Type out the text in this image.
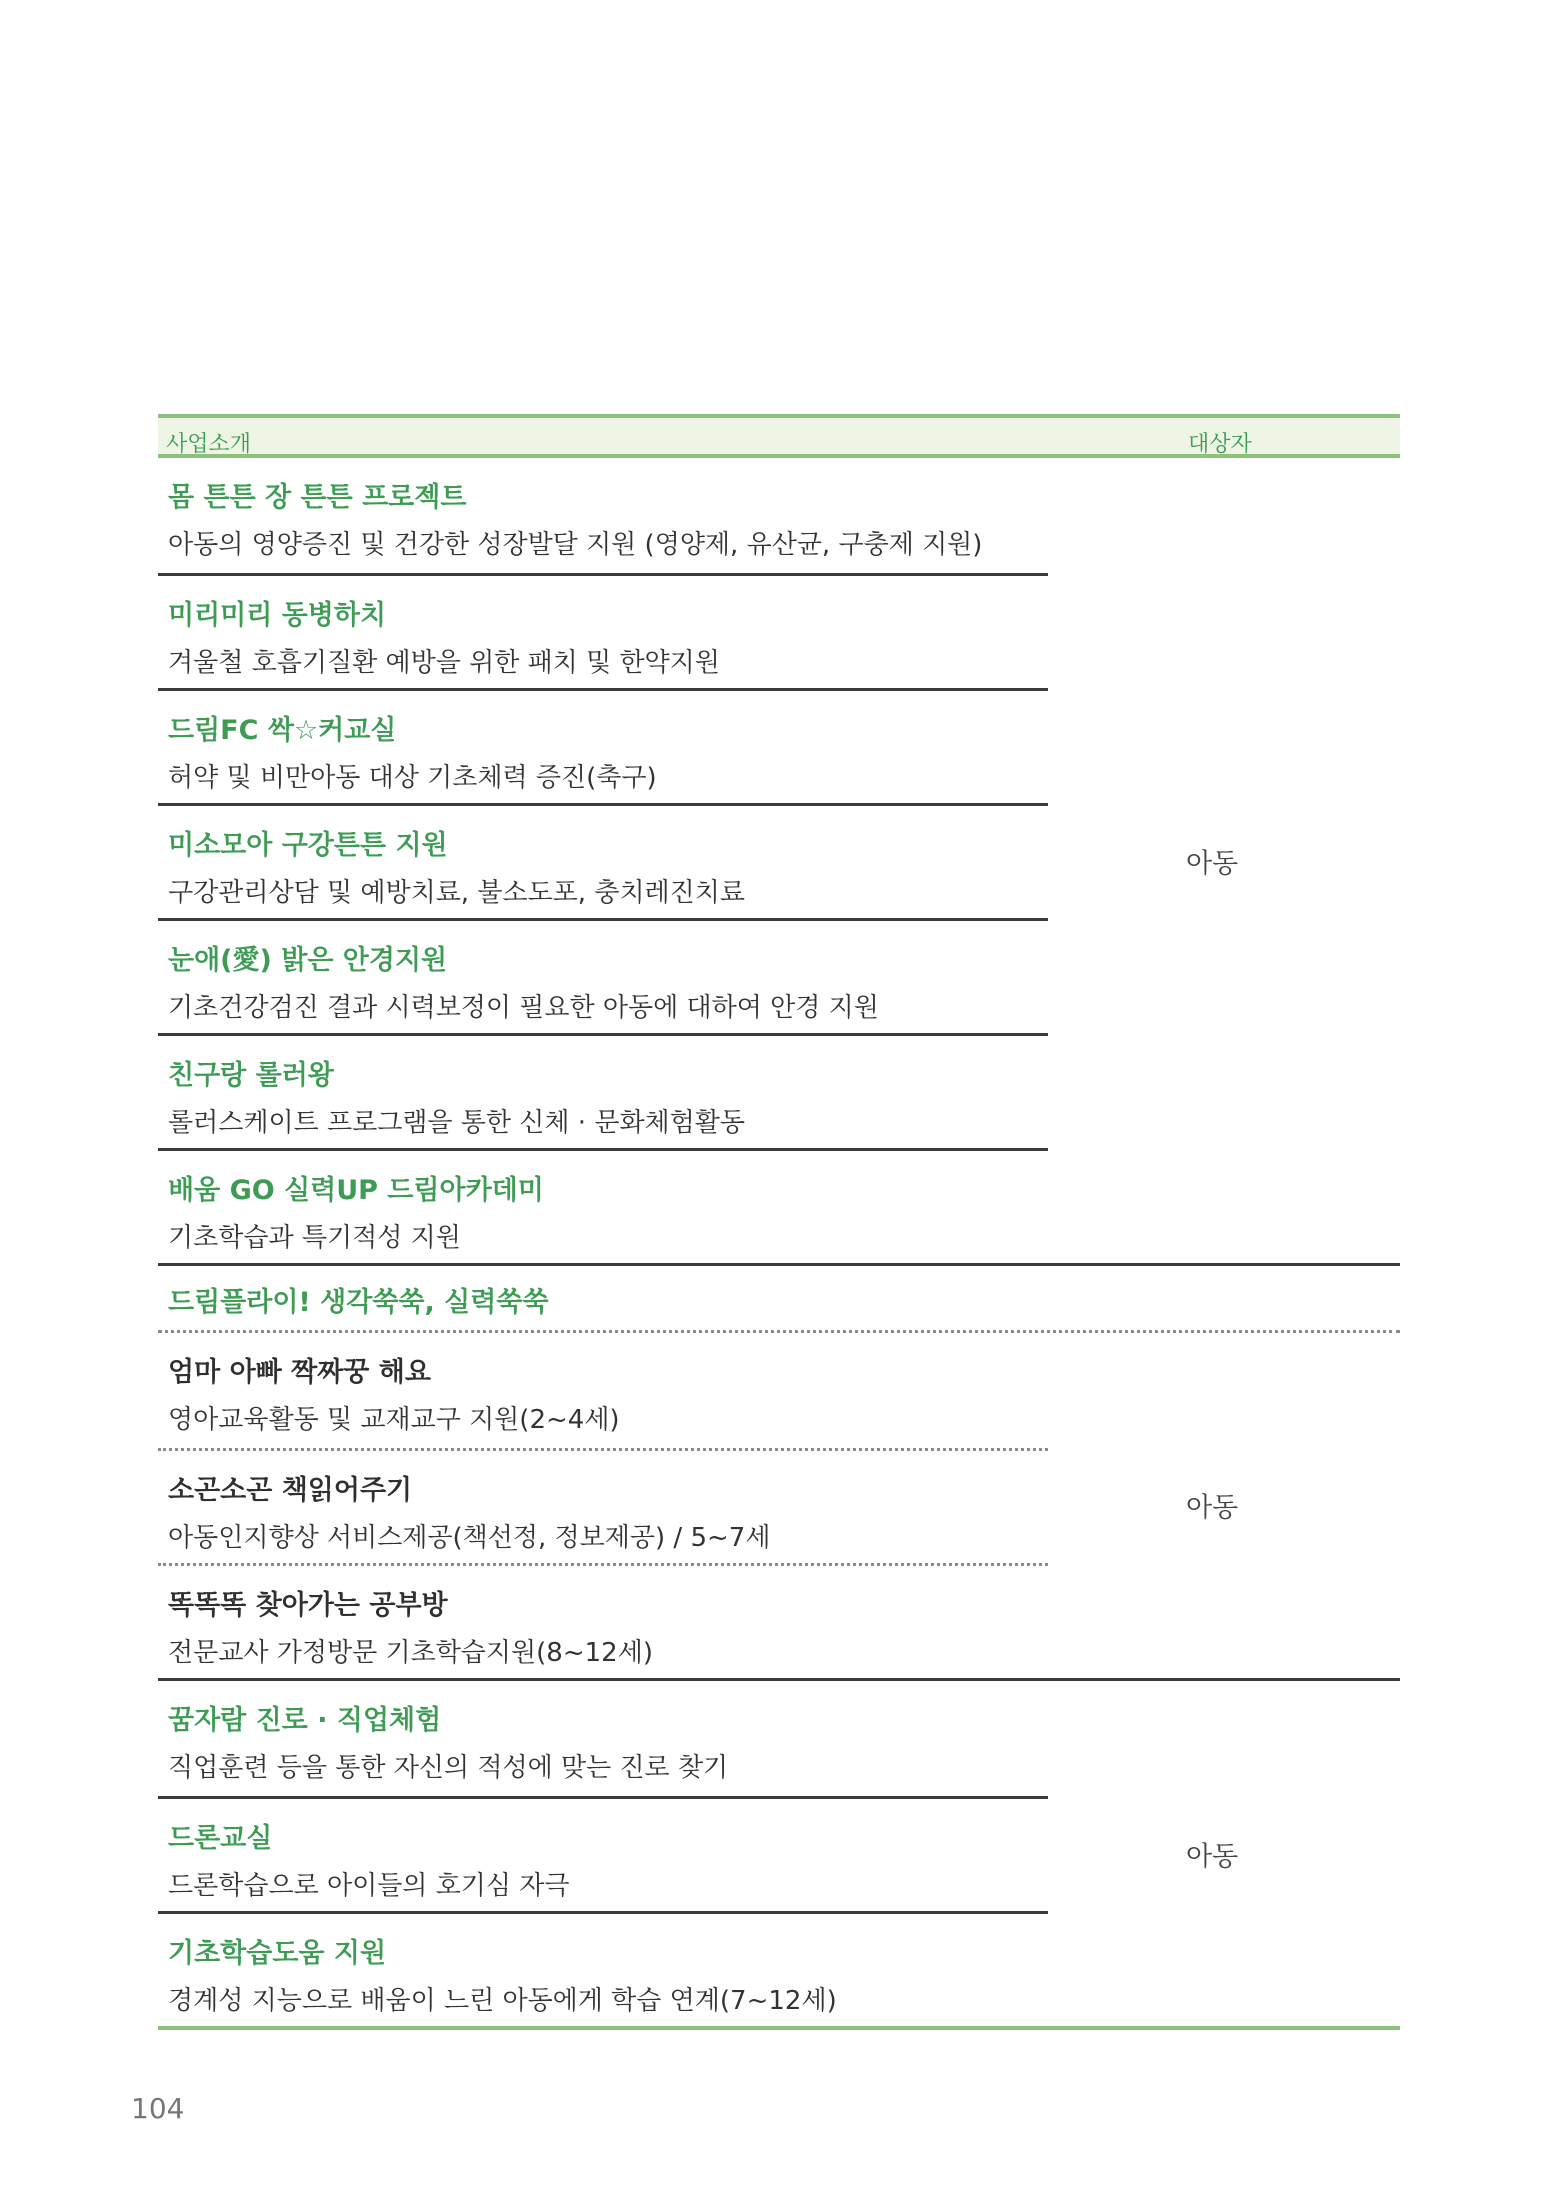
사업소개	대상자
몸 튼튼 장 튼튼 프로젝트
아동의 영양증진 및 건강한 성장발달 지원 (영양제, 유산균, 구충제 지원)
미리미리 동병하치
겨울철 호흡기질환 예방을 위한 패치 및 한약지원
드림FC 싹☆커교실
허약 및 비만아동 대상 기초체력 증진(축구)
미소모아 구강튼튼 지원
구강관리상담 및 예방치료, 불소도포, 충치레진치료
눈애(愛) 밝은 안경지원
기초건강검진 결과 시력보정이 필요한 아동에 대하여 안경 지원
친구랑 롤러왕
롤러스케이트 프로그램을 통한 신체 · 문화체험활동
배움 GO 실력UP 드림아카데미
기초학습과 특기적성 지원
아동
드림플라이! 생각쑥쑥, 실력쑥쑥
엄마 아빠 짝짜꿍 해요
영아교육활동 및 교재교구 지원(2~4세)
소곤소곤 책읽어주기
아동인지향상 서비스제공(책선정, 정보제공) / 5~7세
똑똑똑 찾아가는 공부방
전문교사 가정방문 기초학습지원(8~12세)
아동
꿈자람 진로 · 직업체험
직업훈련 등을 통한 자신의 적성에 맞는 진로 찾기
드론교실
드론학습으로 아이들의 호기심 자극
기초학습도움 지원
경계성 지능으로 배움이 느린 아동에게 학습 연계(7~12세)
아동
104
